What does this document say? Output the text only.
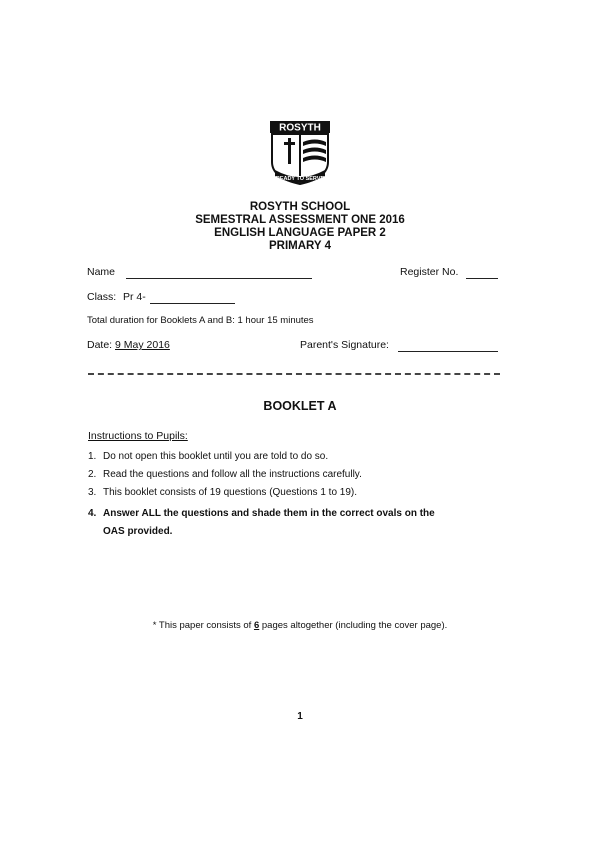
ROSYTH
READY TO SERVE
ROSYTH SCHOOL
SEMESTRAL ASSESSMENT ONE 2016
ENGLISH LANGUAGE PAPER 2
PRIMARY 4
Name	Register No.
Class: Pr 4-
Total duration for Booklets A and B: 1 hour 15 minutes
Date: 9 May 2016	Parent's Signature:
BOOKLET A
Instructions to Pupils:
1. Do not open this booklet until you are told to do so.
2. Read the questions and follow all the instructions carefully.
3. This booklet consists of 19 questions (Questions 1 to 19).
4. Answer ALL the questions and shade them in the correct ovals on the OAS provided.
* This paper consists of 6 pages altogether (including the cover page).
1
